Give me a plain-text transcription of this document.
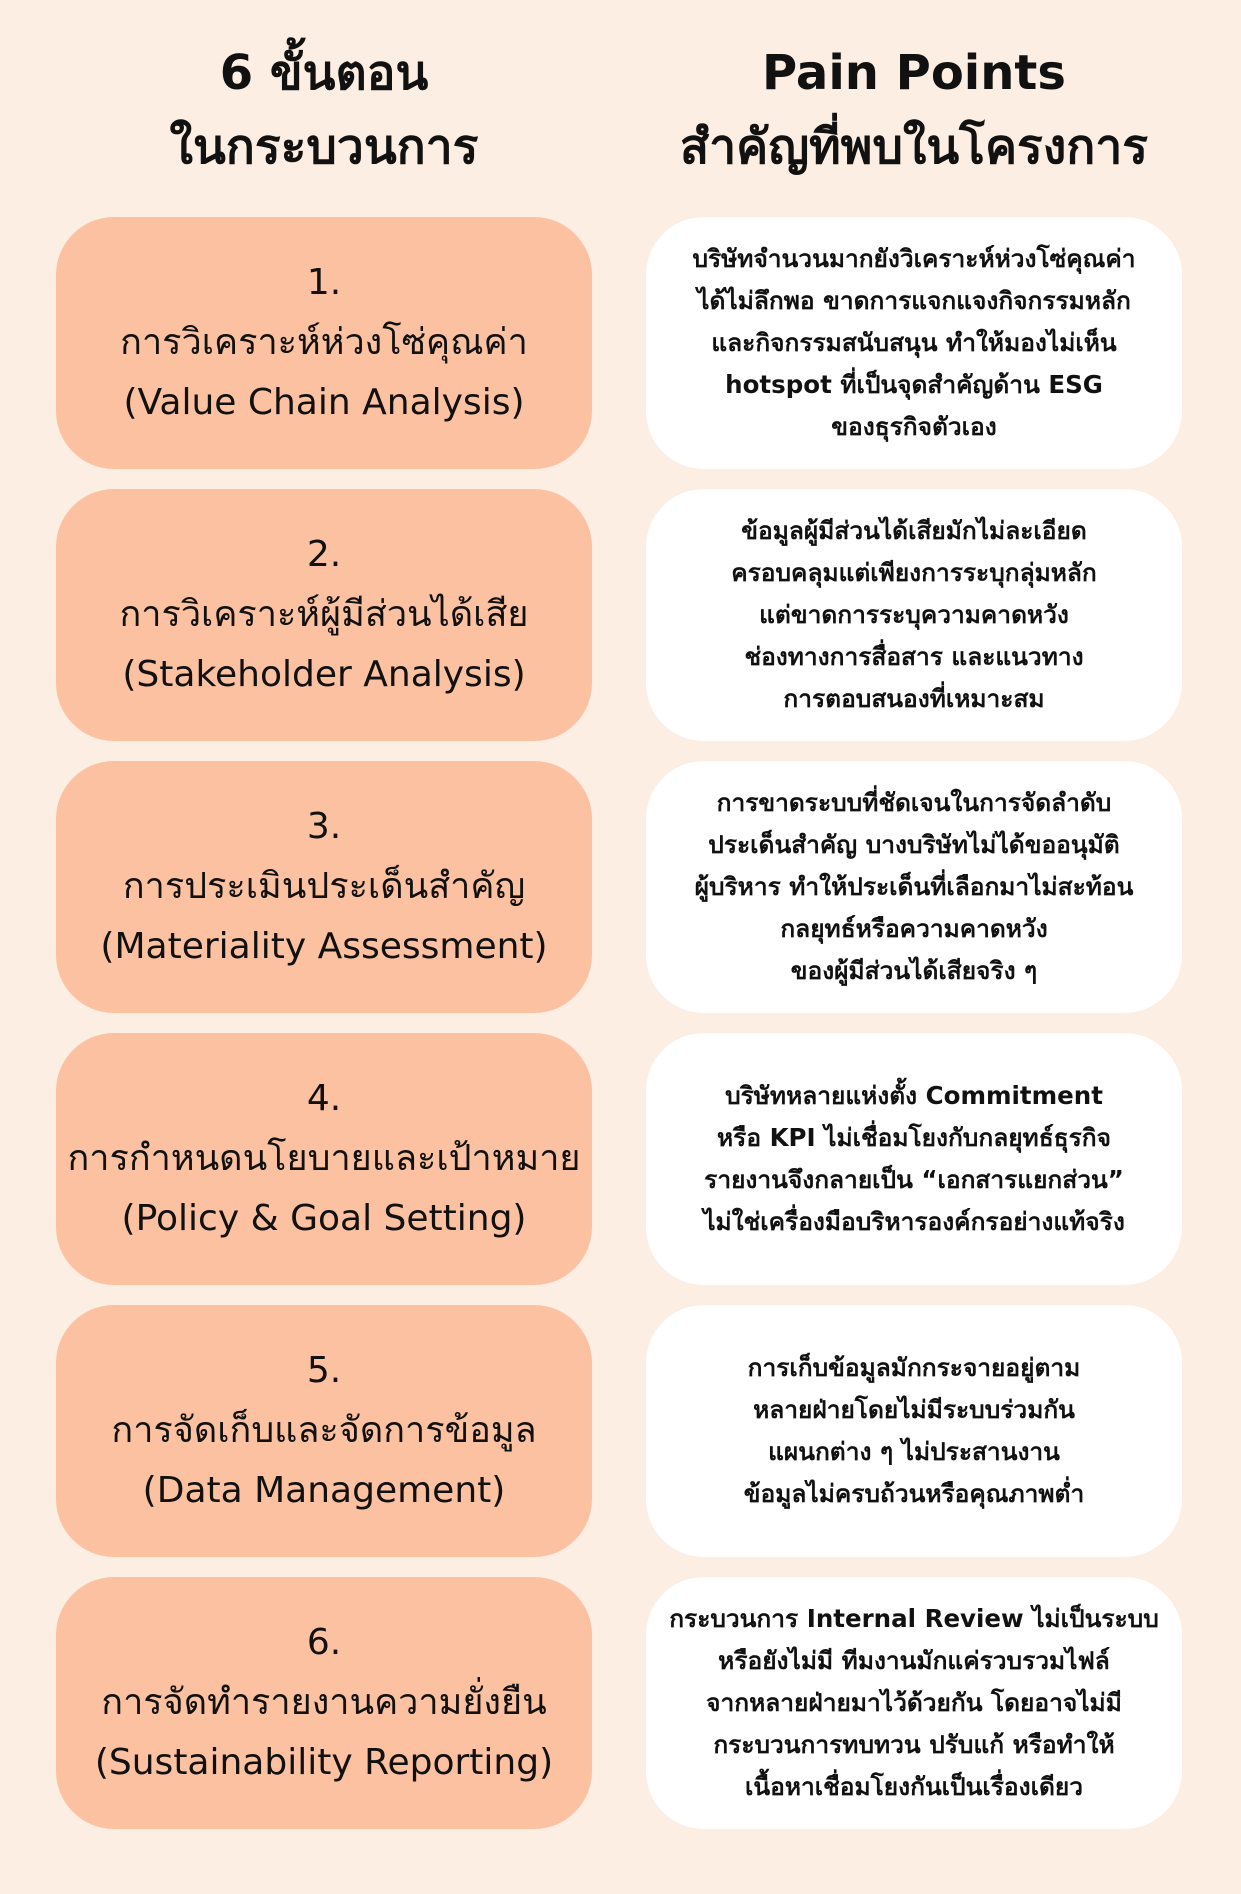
6 ขั้นตอน
ในกระบวนการ
Pain Points
สำคัญที่พบในโครงการ
1.
การวิเคราะห์ห่วงโซ่คุณค่า
(Value Chain Analysis)
บริษัทจำนวนมากยังวิเคราะห์ห่วงโซ่คุณค่า
ได้ไม่ลึกพอ ขาดการแจกแจงกิจกรรมหลัก
และกิจกรรมสนับสนุน ทำให้มองไม่เห็น
hotspot ที่เป็นจุดสำคัญด้าน ESG
ของธุรกิจตัวเอง
2.
การวิเคราะห์ผู้มีส่วนได้เสีย
(Stakeholder Analysis)
ข้อมูลผู้มีส่วนได้เสียมักไม่ละเอียด
ครอบคลุมแต่เพียงการระบุกลุ่มหลัก
แต่ขาดการระบุความคาดหวัง
ช่องทางการสื่อสาร และแนวทาง
การตอบสนองที่เหมาะสม
3.
การประเมินประเด็นสำคัญ
(Materiality Assessment)
การขาดระบบที่ชัดเจนในการจัดลำดับ
ประเด็นสำคัญ บางบริษัทไม่ได้ขออนุมัติ
ผู้บริหาร ทำให้ประเด็นที่เลือกมาไม่สะท้อน
กลยุทธ์หรือความคาดหวัง
ของผู้มีส่วนได้เสียจริง ๆ
4.
การกำหนดนโยบายและเป้าหมาย
(Policy & Goal Setting)
บริษัทหลายแห่งตั้ง Commitment
หรือ KPI ไม่เชื่อมโยงกับกลยุทธ์ธุรกิจ
รายงานจึงกลายเป็น “เอกสารแยกส่วน”
ไม่ใช่เครื่องมือบริหารองค์กรอย่างแท้จริง
5.
การจัดเก็บและจัดการข้อมูล
(Data Management)
การเก็บข้อมูลมักกระจายอยู่ตาม
หลายฝ่ายโดยไม่มีระบบร่วมกัน
แผนกต่าง ๆ ไม่ประสานงาน
ข้อมูลไม่ครบถ้วนหรือคุณภาพต่ำ
6.
การจัดทำรายงานความยั่งยืน
(Sustainability Reporting)
กระบวนการ Internal Review ไม่เป็นระบบ
หรือยังไม่มี ทีมงานมักแค่รวบรวมไฟล์
จากหลายฝ่ายมาไว้ด้วยกัน โดยอาจไม่มี
กระบวนการทบทวน ปรับแก้ หรือทำให้
เนื้อหาเชื่อมโยงกันเป็นเรื่องเดียว
